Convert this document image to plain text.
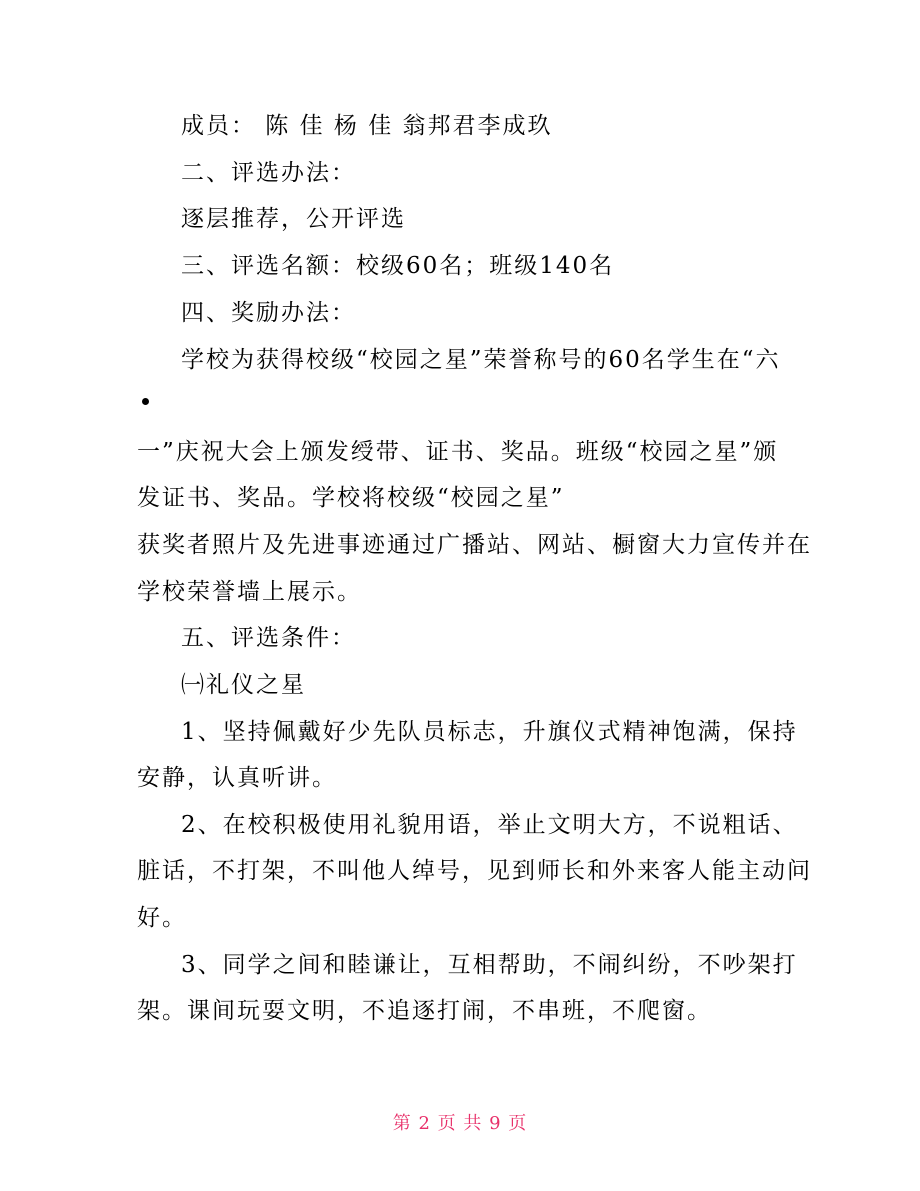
成员： 陈 佳 杨 佳 翁邦君李成玖
二、评选办法：
逐层推荐，公开评选
三、评选名额：校级60名；班级140名
四、奖励办法：
学校为获得校级“校园之星”荣誉称号的60名学生在“六
一”庆祝大会上颁发绶带、证书、奖品。班级“校园之星”颁
发证书、奖品。学校将校级“校园之星”
获奖者照片及先进事迹通过广播站、网站、橱窗大力宣传并在
学校荣誉墙上展示。
五、评选条件：
㈠礼仪之星
1、坚持佩戴好少先队员标志，升旗仪式精神饱满，保持
安静，认真听讲。
2、在校积极使用礼貌用语，举止文明大方，不说粗话、
脏话，不打架，不叫他人绰号，见到师长和外来客人能主动问
好。
3、同学之间和睦谦让，互相帮助，不闹纠纷，不吵架打
架。课间玩耍文明，不追逐打闹，不串班，不爬窗。
第 2 页 共 9 页
